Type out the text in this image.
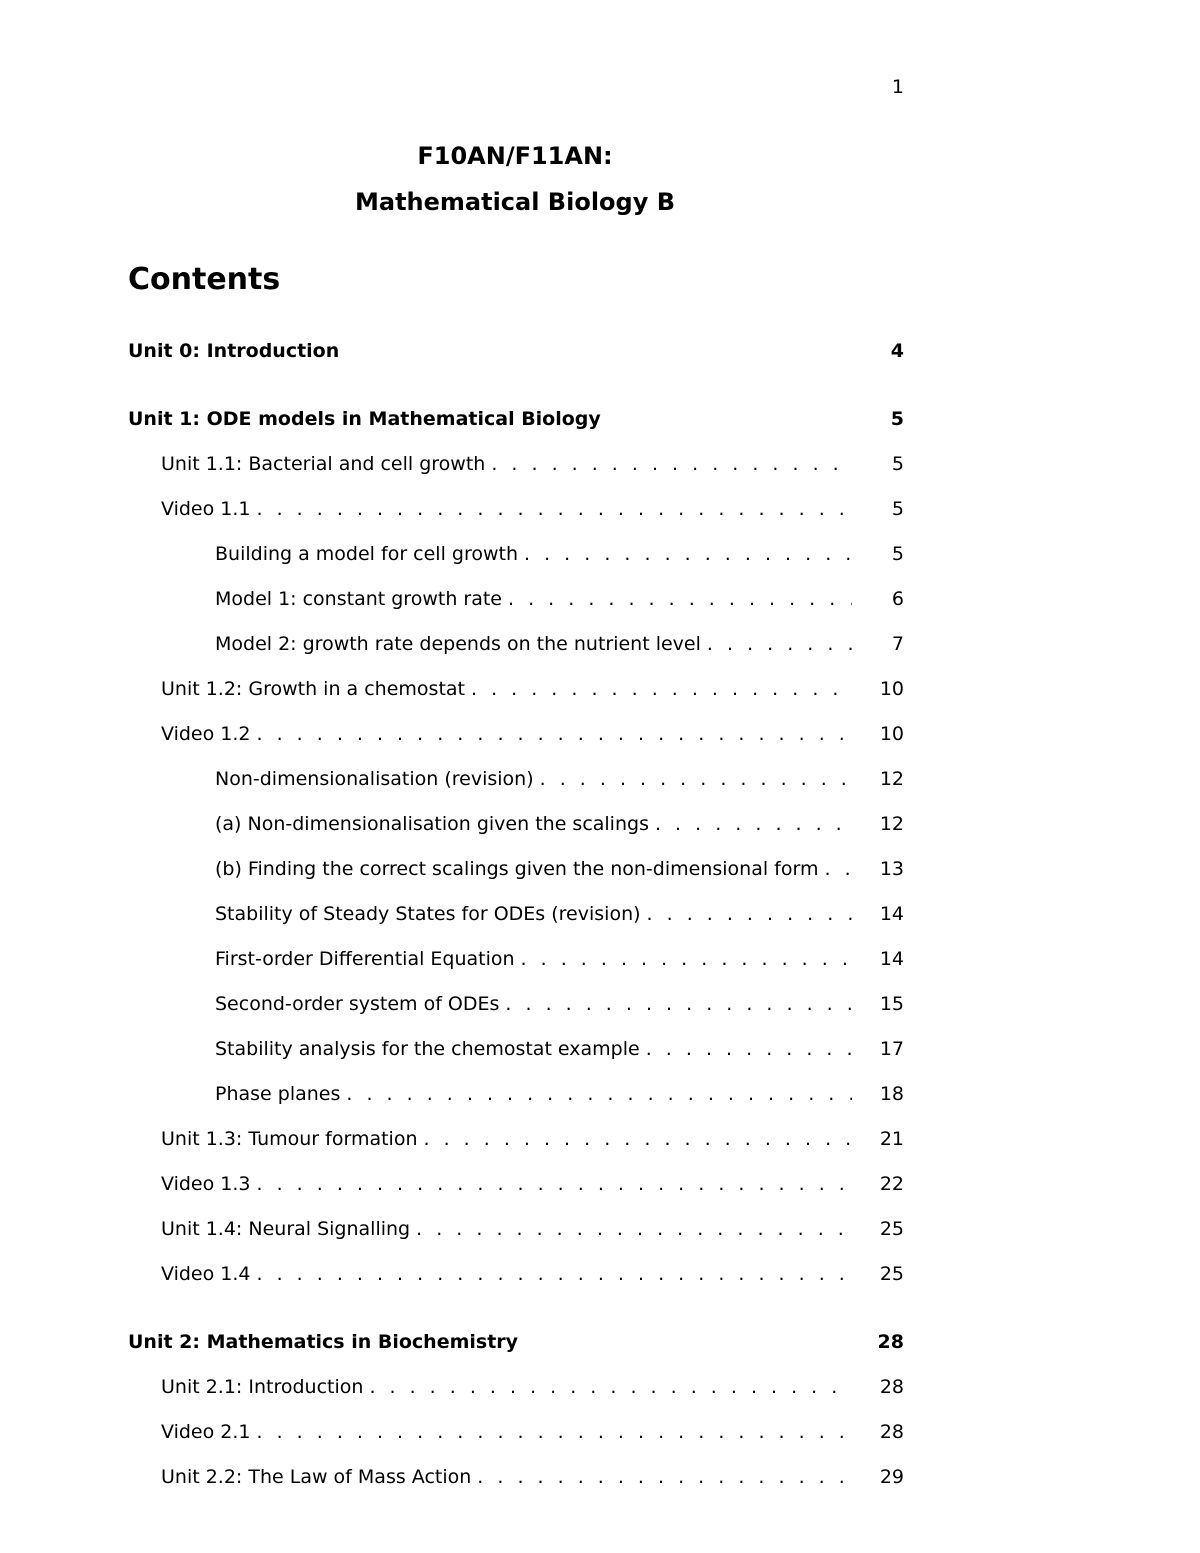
1
F10AN/F11AN:
Mathematical Biology B
Contents
Unit 0: Introduction	4
Unit 1: ODE models in Mathematical Biology	5
Unit 1.1: Bacterial and cell growth . . .	5
Video 1.1 . . .	5
Building a model for cell growth . . .	5
Model 1: constant growth rate . . .	6
Model 2: growth rate depends on the nutrient level . . .	7
Unit 1.2: Growth in a chemostat . . .	10
Video 1.2 . . .	10
Non-dimensionalisation (revision) . . .	12
(a) Non-dimensionalisation given the scalings . . .	12
(b) Finding the correct scalings given the non-dimensional form . . .	13
Stability of Steady States for ODEs (revision) . . .	14
First-order Differential Equation . . .	14
Second-order system of ODEs . . .	15
Stability analysis for the chemostat example . . .	17
Phase planes . . .	18
Unit 1.3: Tumour formation . . .	21
Video 1.3 . . .	22
Unit 1.4: Neural Signalling . . .	25
Video 1.4 . . .	25
Unit 2: Mathematics in Biochemistry	28
Unit 2.1: Introduction . . .	28
Video 2.1 . . .	28
Unit 2.2: The Law of Mass Action . . .	29
